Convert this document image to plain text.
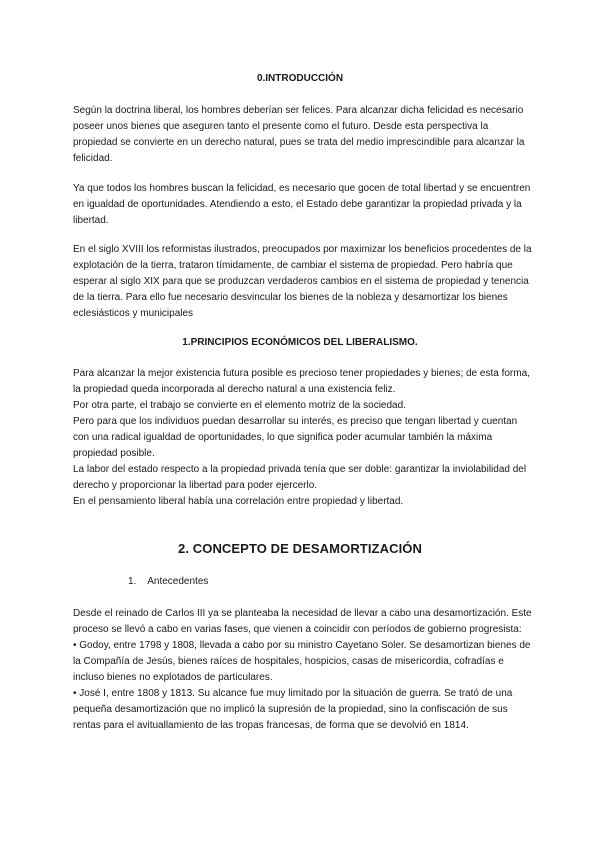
0.INTRODUCCIÓN

Según la doctrina liberal, los hombres deberían ser felices. Para alcanzar dicha felicidad es necesario poseer unos bienes que aseguren tanto el presente como el futuro. Desde esta perspectiva la propiedad se convierte en un derecho natural, pues se trata del medio imprescindible para alcanzar la felicidad.

Ya que todos los hombres buscan la felicidad, es necesario que gocen de total libertad y se encuentren en igualdad de oportunidades. Atendiendo a esto, el Estado debe garantizar la propiedad privada y la libertad.

En el siglo XVIII los reformistas ilustrados, preocupados por maximizar los beneficios procedentes de la explotación de la tierra, trataron tímidamente, de cambiar el sistema de propiedad. Pero habría que esperar al siglo XIX para que se produzcan verdaderos cambios en el sistema de propiedad y tenencia de la tierra. Para ello fue necesario desvincular los bienes de la nobleza y desamortizar los bienes eclesiásticos y municipales

1.PRINCIPIOS ECONÓMICOS DEL LIBERALISMO.
Para alcanzar la mejor existencia futura posible es precioso tener propiedades y bienes; de esta forma, la propiedad queda incorporada al derecho natural a una existencia feliz.
Por otra parte, el trabajo se convierte en el elemento motriz de la sociedad.
Pero para que los individuos puedan desarrollar su interés, es preciso que tengan libertad y cuentan con una radical igualdad de oportunidades, lo que significa poder acumular también la máxima propiedad posible.
La labor del estado respecto a la propiedad privada tenía que ser doble: garantizar la inviolabilidad del derecho y proporcionar la libertad para poder ejercerlo.
En el pensamiento liberal había una correlación entre propiedad y libertad.
2. CONCEPTO DE DESAMORTIZACIÓN
1. Antecedentes
Desde el reinado de Carlos III ya se planteaba la necesidad de llevar a cabo una desamortización. Este proceso se llevó a cabo en varias fases, que vienen a coincidir con períodos de gobierno progresista:
• Godoy, entre 1798 y 1808, llevada a cabo por su ministro Cayetano Soler. Se desamortizan bienes de la Compañía de Jesús, bienes raíces de hospitales, hospicios, casas de misericordia, cofradías e incluso bienes no explotados de particulares.
• José I, entre 1808 y 1813. Su alcance fue muy limitado por la situación de guerra. Se trató de una pequeña desamortización que no implicó la supresión de la propiedad, sino la confiscación de sus rentas para el avituallamiento de las tropas francesas, de forma que se devolvió en 1814.
